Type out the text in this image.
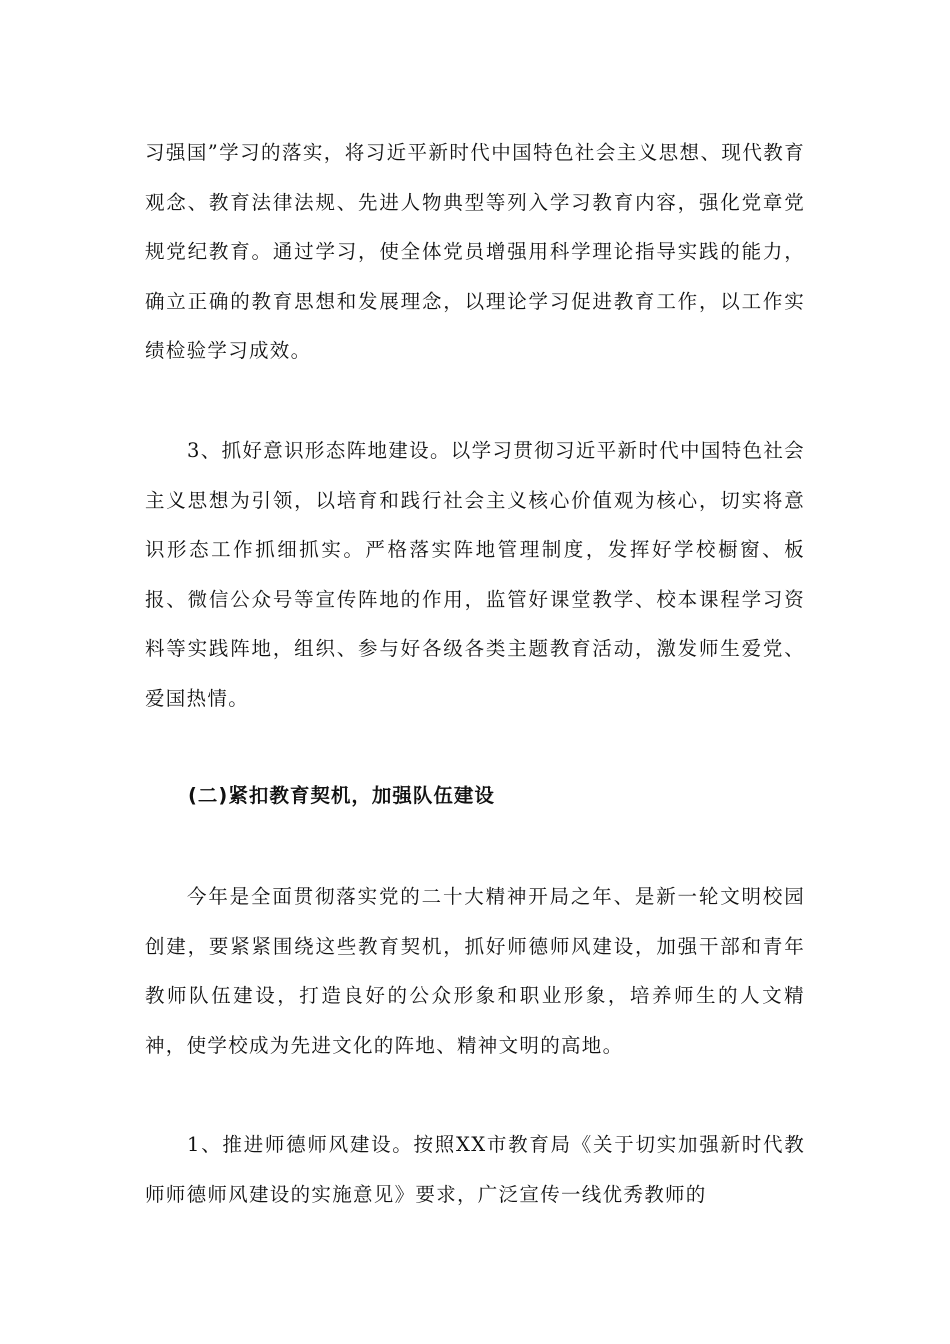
习强国”学习的落实，将习近平新时代中国特色社会主义思想、现代教育观念、教育法律法规、先进人物典型等列入学习教育内容，强化党章党规党纪教育。通过学习，使全体党员增强用科学理论指导实践的能力，确立正确的教育思想和发展理念，以理论学习促进教育工作，以工作实绩检验学习成效。

3、抓好意识形态阵地建设。以学习贯彻习近平新时代中国特色社会主义思想为引领，以培育和践行社会主义核心价值观为核心，切实将意识形态工作抓细抓实。严格落实阵地管理制度，发挥好学校橱窗、板报、微信公众号等宣传阵地的作用，监管好课堂教学、校本课程学习资料等实践阵地，组织、参与好各级各类主题教育活动，激发师生爱党、爱国热情。

(二)紧扣教育契机，加强队伍建设

今年是全面贯彻落实党的二十大精神开局之年、是新一轮文明校园创建，要紧紧围绕这些教育契机，抓好师德师风建设，加强干部和青年教师队伍建设，打造良好的公众形象和职业形象，培养师生的人文精神，使学校成为先进文化的阵地、精神文明的高地。

1、推进师德师风建设。按照XX市教育局《关于切实加强新时代教师师德师风建设的实施意见》要求，广泛宣传一线优秀教师的
